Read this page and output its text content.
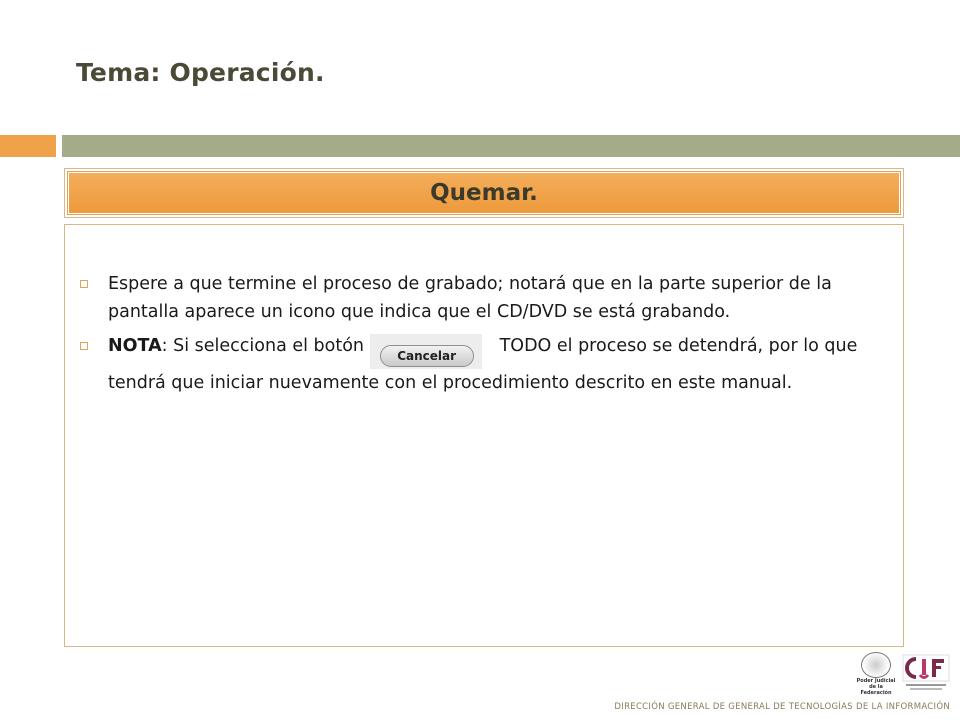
Tema: Operación.
Quemar.
Espere a que termine el proceso de grabado; notará que en la parte superior de la pantalla aparece un icono que indica que el CD/DVD se está grabando.
NOTA: Si selecciona el botón	Cancelar TODO el proceso se detendrá, por lo que tendrá que iniciar nuevamente con el procedimiento descrito en este manual.
Poder Judicial
de la Federación
DIRECCIÓN GENERAL DE GENERAL DE TECNOLOGÍAS DE LA INFORMACIÓN
